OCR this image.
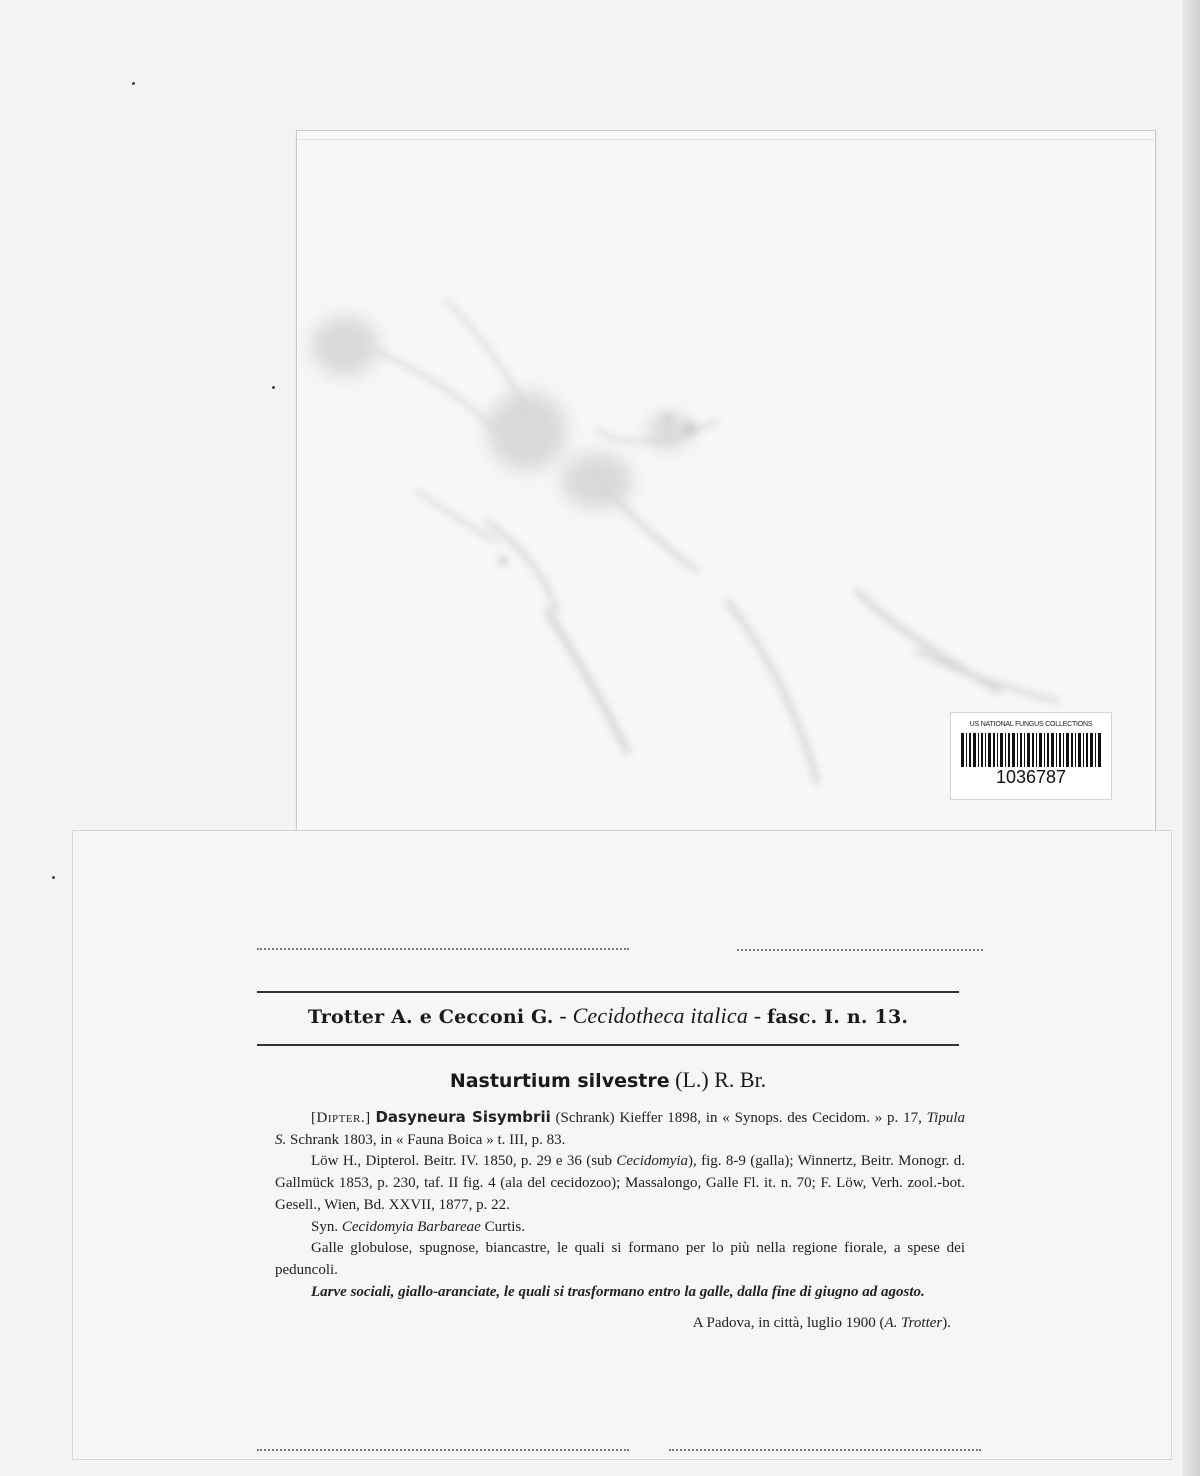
US NATIONAL FUNGUS COLLECTIONS
1036787
Trotter A. e Cecconi G. - Cecidotheca italica - fasc. I. n. 13.
Nasturtium silvestre (L.) R. Br.

[Dipter.] Dasyneura Sisymbrii (Schrank) Kieffer 1898, in « Synops. des Cecidom. » p. 17, Tipula S. Schrank 1803, in « Fauna Boica » t. III, p. 83.

Löw H., Dipterol. Beitr. IV. 1850, p. 29 e 36 (sub Cecidomyia), fig. 8-9 (galla); Winnertz, Beitr. Monogr. d. Gallmück 1853, p. 230, taf. II fig. 4 (ala del cecidozoo); Massalongo, Galle Fl. it. n. 70; F. Löw, Verh. zool.-bot. Gesell., Wien, Bd. XXVII, 1877, p. 22.

Syn. Cecidomyia Barbareae Curtis.

Galle globulose, spugnose, biancastre, le quali si formano per lo più nella regione fiorale, a spese dei peduncoli.

Larve sociali, giallo-aranciate, le quali si trasformano entro la galle, dalla fine di giugno ad agosto.

A Padova, in città, luglio 1900 (A. Trotter).
